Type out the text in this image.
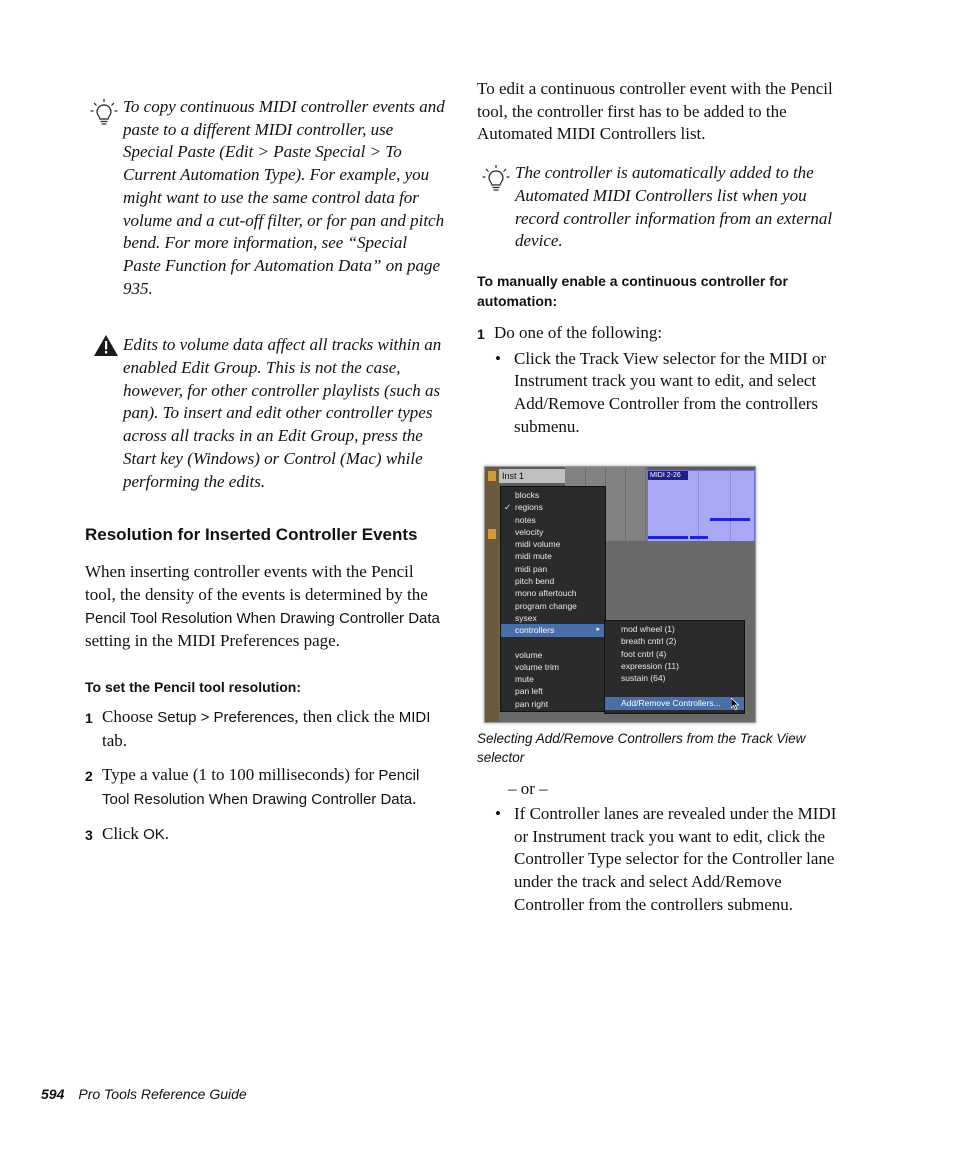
To copy continuous MIDI controller events and paste to a different MIDI controller, use Special Paste (Edit > Paste Special > To Current Automation Type). For example, you might want to use the same control data for volume and a cut-off filter, or for pan and pitch bend. For more information, see “Special Paste Function for Automation Data” on page 935.
Edits to volume data affect all tracks within an enabled Edit Group. This is not the case, however, for other controller playlists (such as pan). To insert and edit other controller types across all tracks in an Edit Group, press the Start key (Windows) or Control (Mac) while performing the edits.
Resolution for Inserted Controller Events

When inserting controller events with the Pencil tool, the density of the events is determined by the Pencil Tool Resolution When Drawing Controller Data setting in the MIDI Preferences page.

To set the Pencil tool resolution:
1 Choose Setup > Preferences, then click the MIDI tab.
2 Type a value (1 to 100 milliseconds) for Pencil Tool Resolution When Drawing Controller Data.
3 Click OK.

To edit a continuous controller event with the Pencil tool, the controller first has to be added to the Automated MIDI Controllers list.

The controller is automatically added to the Automated MIDI Controllers list when you record controller information from an external device.
To manually enable a continuous controller for automation:
1 Do one of the following:
• Click the Track View selector for the MIDI or Instrument track you want to edit, and select Add/Remove Controller from the controllers submenu.
Selecting Add/Remove Controllers from the Track View selector
– or –
• If Controller lanes are revealed under the MIDI or Instrument track you want to edit, click the Controller Type selector for the Controller lane under the track and select Add/Remove Controller from the controllers submenu.
Inst 1	MIDI 2-26
blocks
✓ regions
notes
velocity
midi volume
midi mute
midi pan
pitch bend
mono aftertouch
program change
sysex
controllers	▸
volume
volume trim
mute
pan left
pan right
mod wheel (1)
breath cntrl (2)
foot cntrl (4)
expression (11)
sustain (64)
Add/Remove Controllers...
594 Pro Tools Reference Guide
